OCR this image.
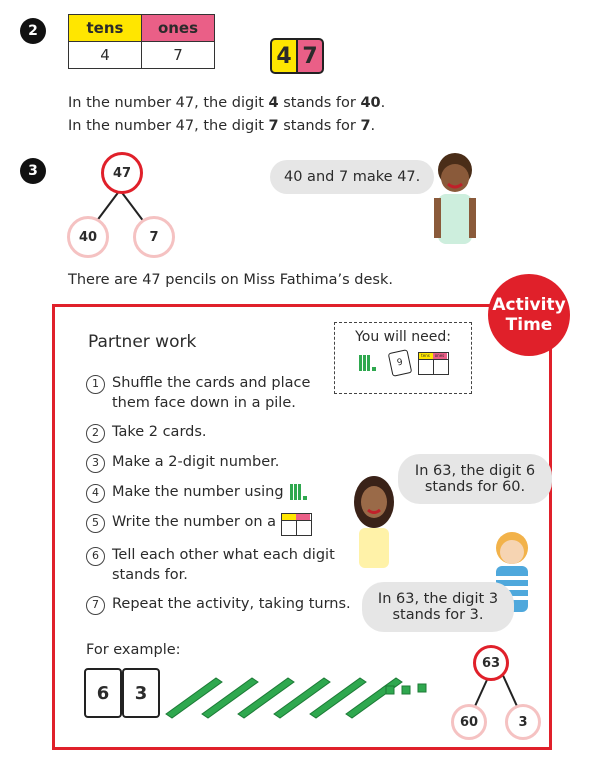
2	tens	ones
4	7	4 7
In the number 47, the digit 4 stands for 40.
In the number 47, the digit 7 stands for 7.
3	47
40	7
40 and 7 make 47.
There are 47 pencils on Miss Fathima’s desk.
Activity
Time
Partner work	You will need:
9
tens	ones
1 Shuffle the cards and place them face down in a pile.
2 Take 2 cards.
3 Make a 2-digit number.
4 Make the number using
5 Write the number on a
6 Tell each other what each digit stands for.
7 Repeat the activity, taking turns.
In 63, the digit 6 stands for 60.
In 63, the digit 3 stands for 3.
For example:
6	3
63
60	3
